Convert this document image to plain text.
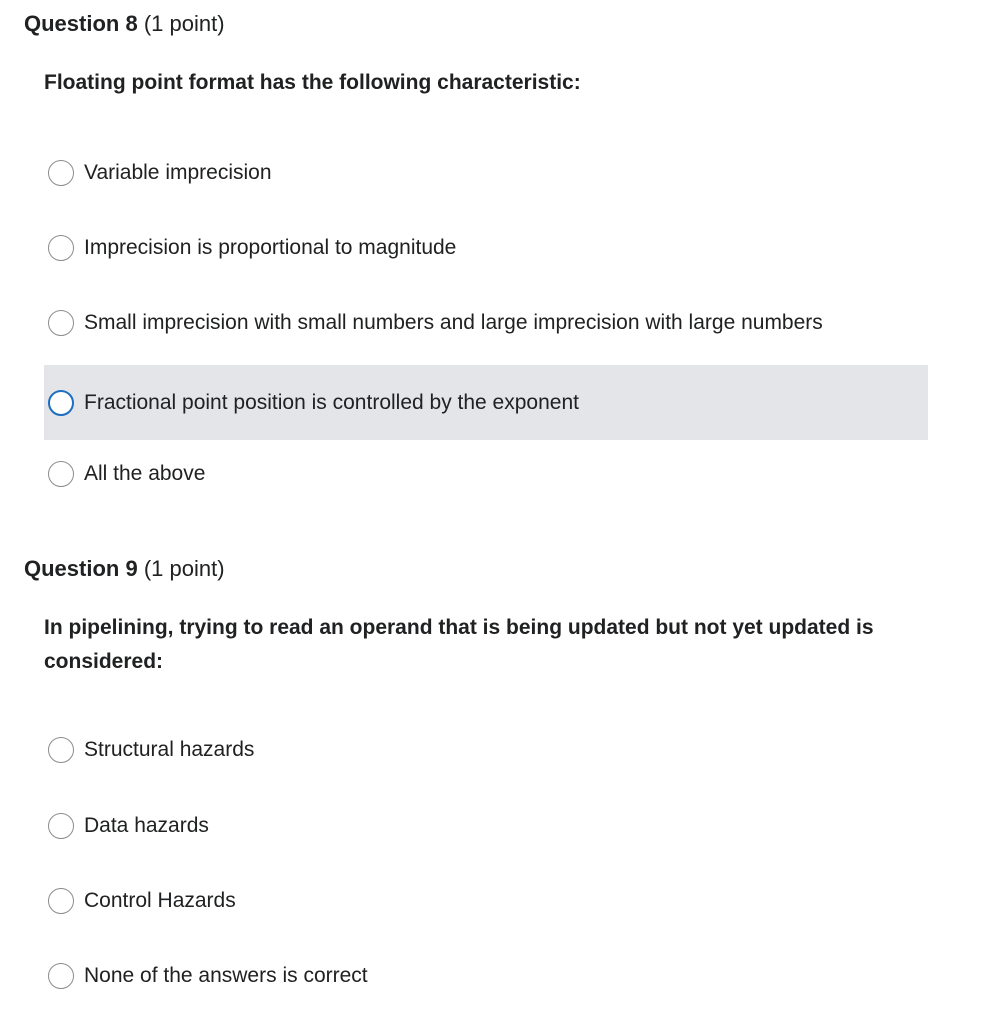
Question 8 (1 point)
Floating point format has the following characteristic:
Variable imprecision
Imprecision is proportional to magnitude
Small imprecision with small numbers and large imprecision with large numbers
Fractional point position is controlled by the exponent
All the above
Question 9 (1 point)
In pipelining, trying to read an operand that is being updated but not yet updated is considered:
Structural hazards
Data hazards
Control Hazards
None of the answers is correct
